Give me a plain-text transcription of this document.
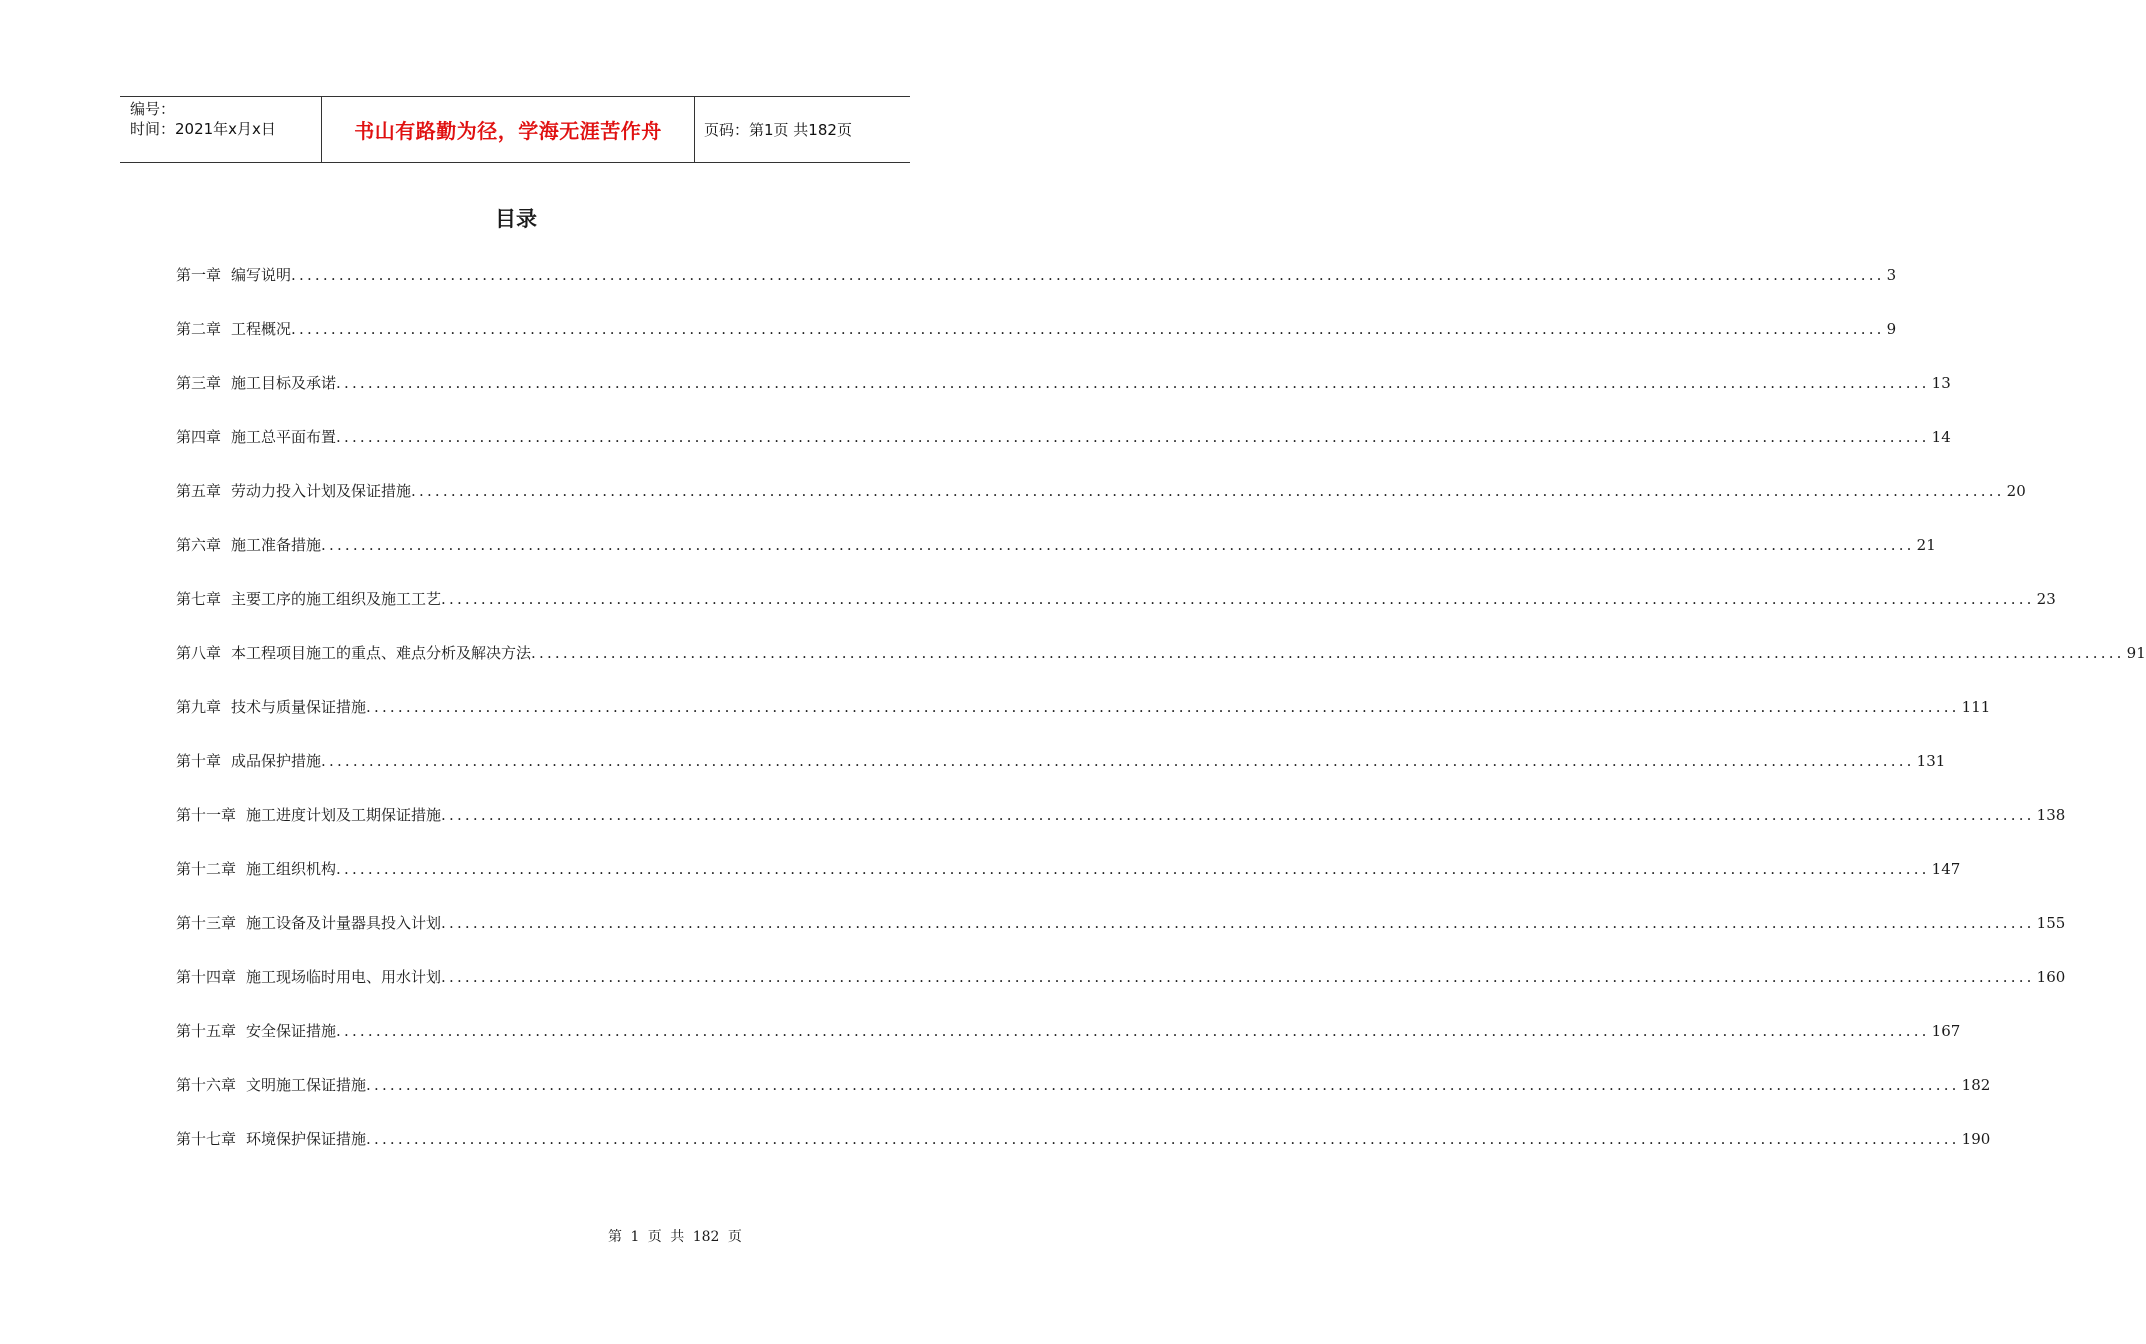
编号：
时间：2021年x月x日	书山有路勤为径，学海无涯苦作舟	页码：第1页 共182页
目录
第一章 编写说明 ........................................................................................................................................................................................................ 3
第二章 工程概况 ........................................................................................................................................................................................................ 9
第三章 施工目标及承诺 ........................................................................................................................................................................................................ 13
第四章 施工总平面布置 ........................................................................................................................................................................................................ 14
第五章 劳动力投入计划及保证措施 ........................................................................................................................................................................................................ 20
第六章 施工准备措施 ........................................................................................................................................................................................................ 21
第七章 主要工序的施工组织及施工工艺 ........................................................................................................................................................................................................ 23
第八章 本工程项目施工的重点、难点分析及解决方法 ........................................................................................................................................................................................................ 91
第九章 技术与质量保证措施 ........................................................................................................................................................................................................ 111
第十章 成品保护措施 ........................................................................................................................................................................................................ 131
第十一章 施工进度计划及工期保证措施 ........................................................................................................................................................................................................ 138
第十二章 施工组织机构 ........................................................................................................................................................................................................ 147
第十三章 施工设备及计量器具投入计划 ........................................................................................................................................................................................................ 155
第十四章 施工现场临时用电、用水计划 ........................................................................................................................................................................................................ 160
第十五章 安全保证措施 ........................................................................................................................................................................................................ 167
第十六章 文明施工保证措施 ........................................................................................................................................................................................................ 182
第十七章 环境保护保证措施 ........................................................................................................................................................................................................ 190
第 1 页 共 182 页
